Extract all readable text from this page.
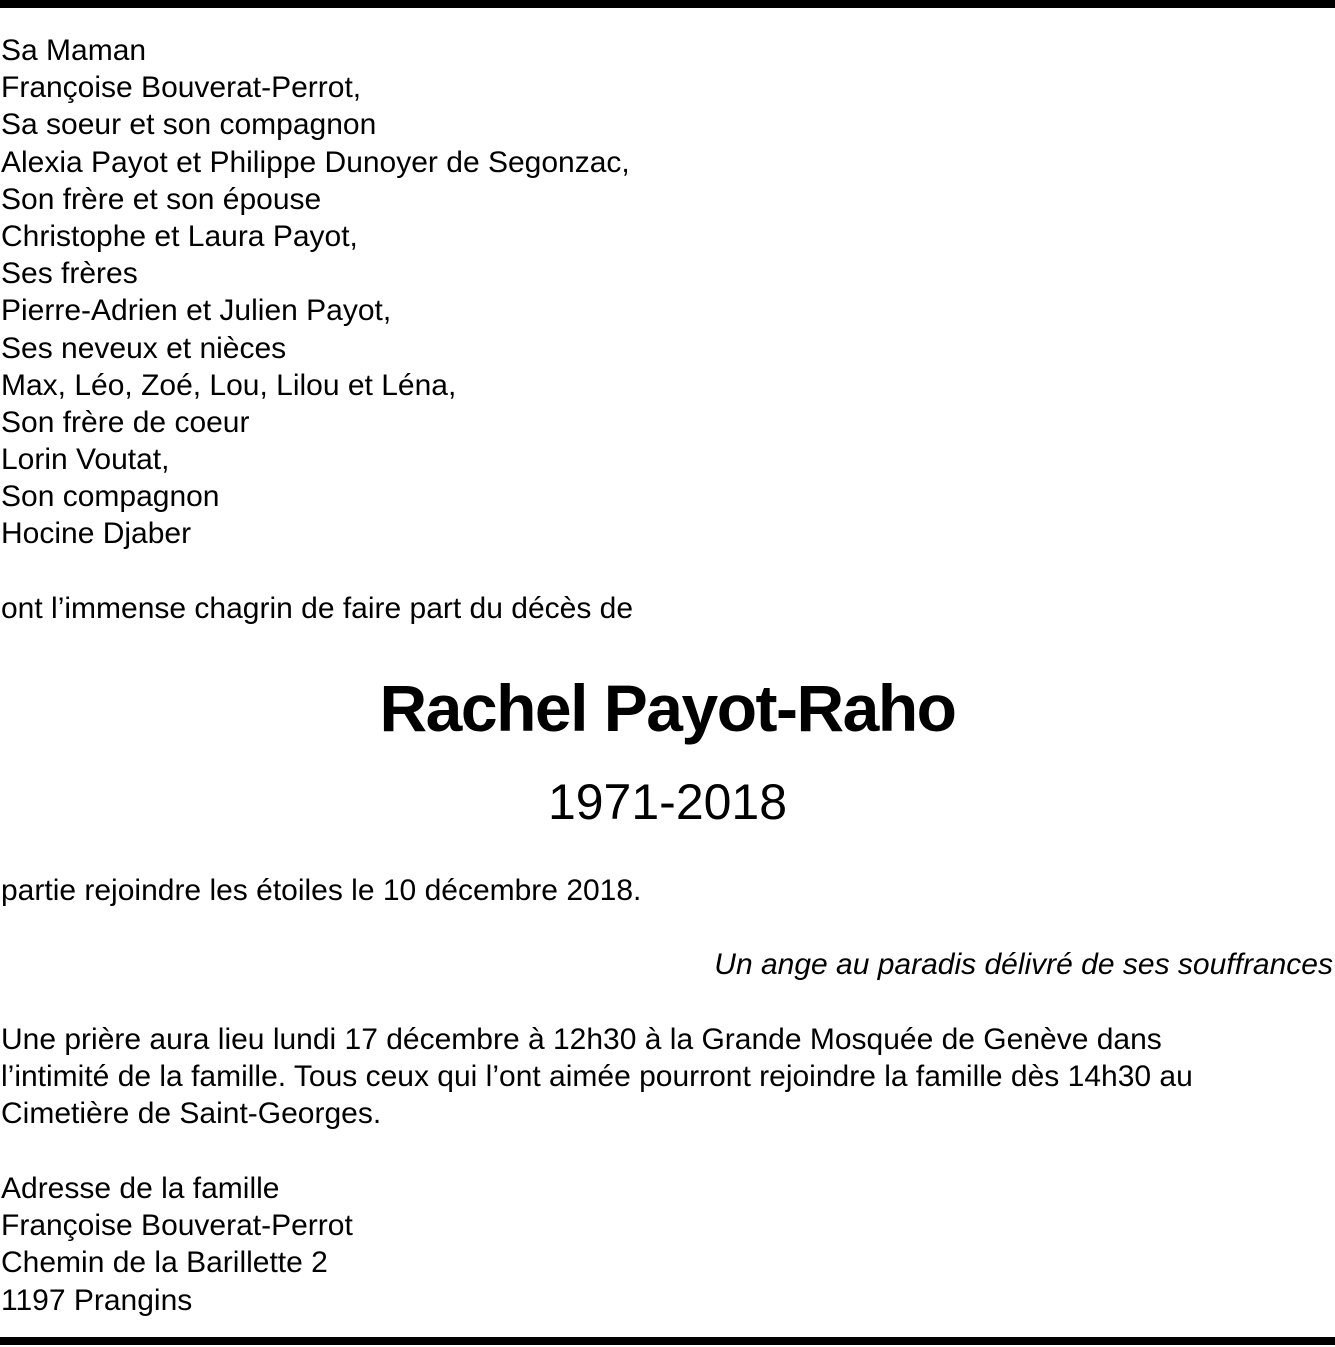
Sa Maman
Françoise Bouverat-Perrot,
Sa soeur et son compagnon
Alexia Payot et Philippe Dunoyer de Segonzac,
Son frère et son épouse
Christophe et Laura Payot,
Ses frères
Pierre-Adrien et Julien Payot,
Ses neveux et nièces
Max, Léo, Zoé, Lou, Lilou et Léna,
Son frère de coeur
Lorin Voutat,
Son compagnon
Hocine Djaber
ont l’immense chagrin de faire part du décès de
Rachel Payot-Raho
1971-2018
partie rejoindre les étoiles le 10 décembre 2018.
Un ange au paradis délivré de ses souffrances
Une prière aura lieu lundi 17 décembre à 12h30 à la Grande Mosquée de Genève dans
l’intimité de la famille. Tous ceux qui l’ont aimée pourront rejoindre la famille dès 14h30 au
Cimetière de Saint-Georges.
Adresse de la famille
Françoise Bouverat-Perrot
Chemin de la Barillette 2
1197 Prangins
